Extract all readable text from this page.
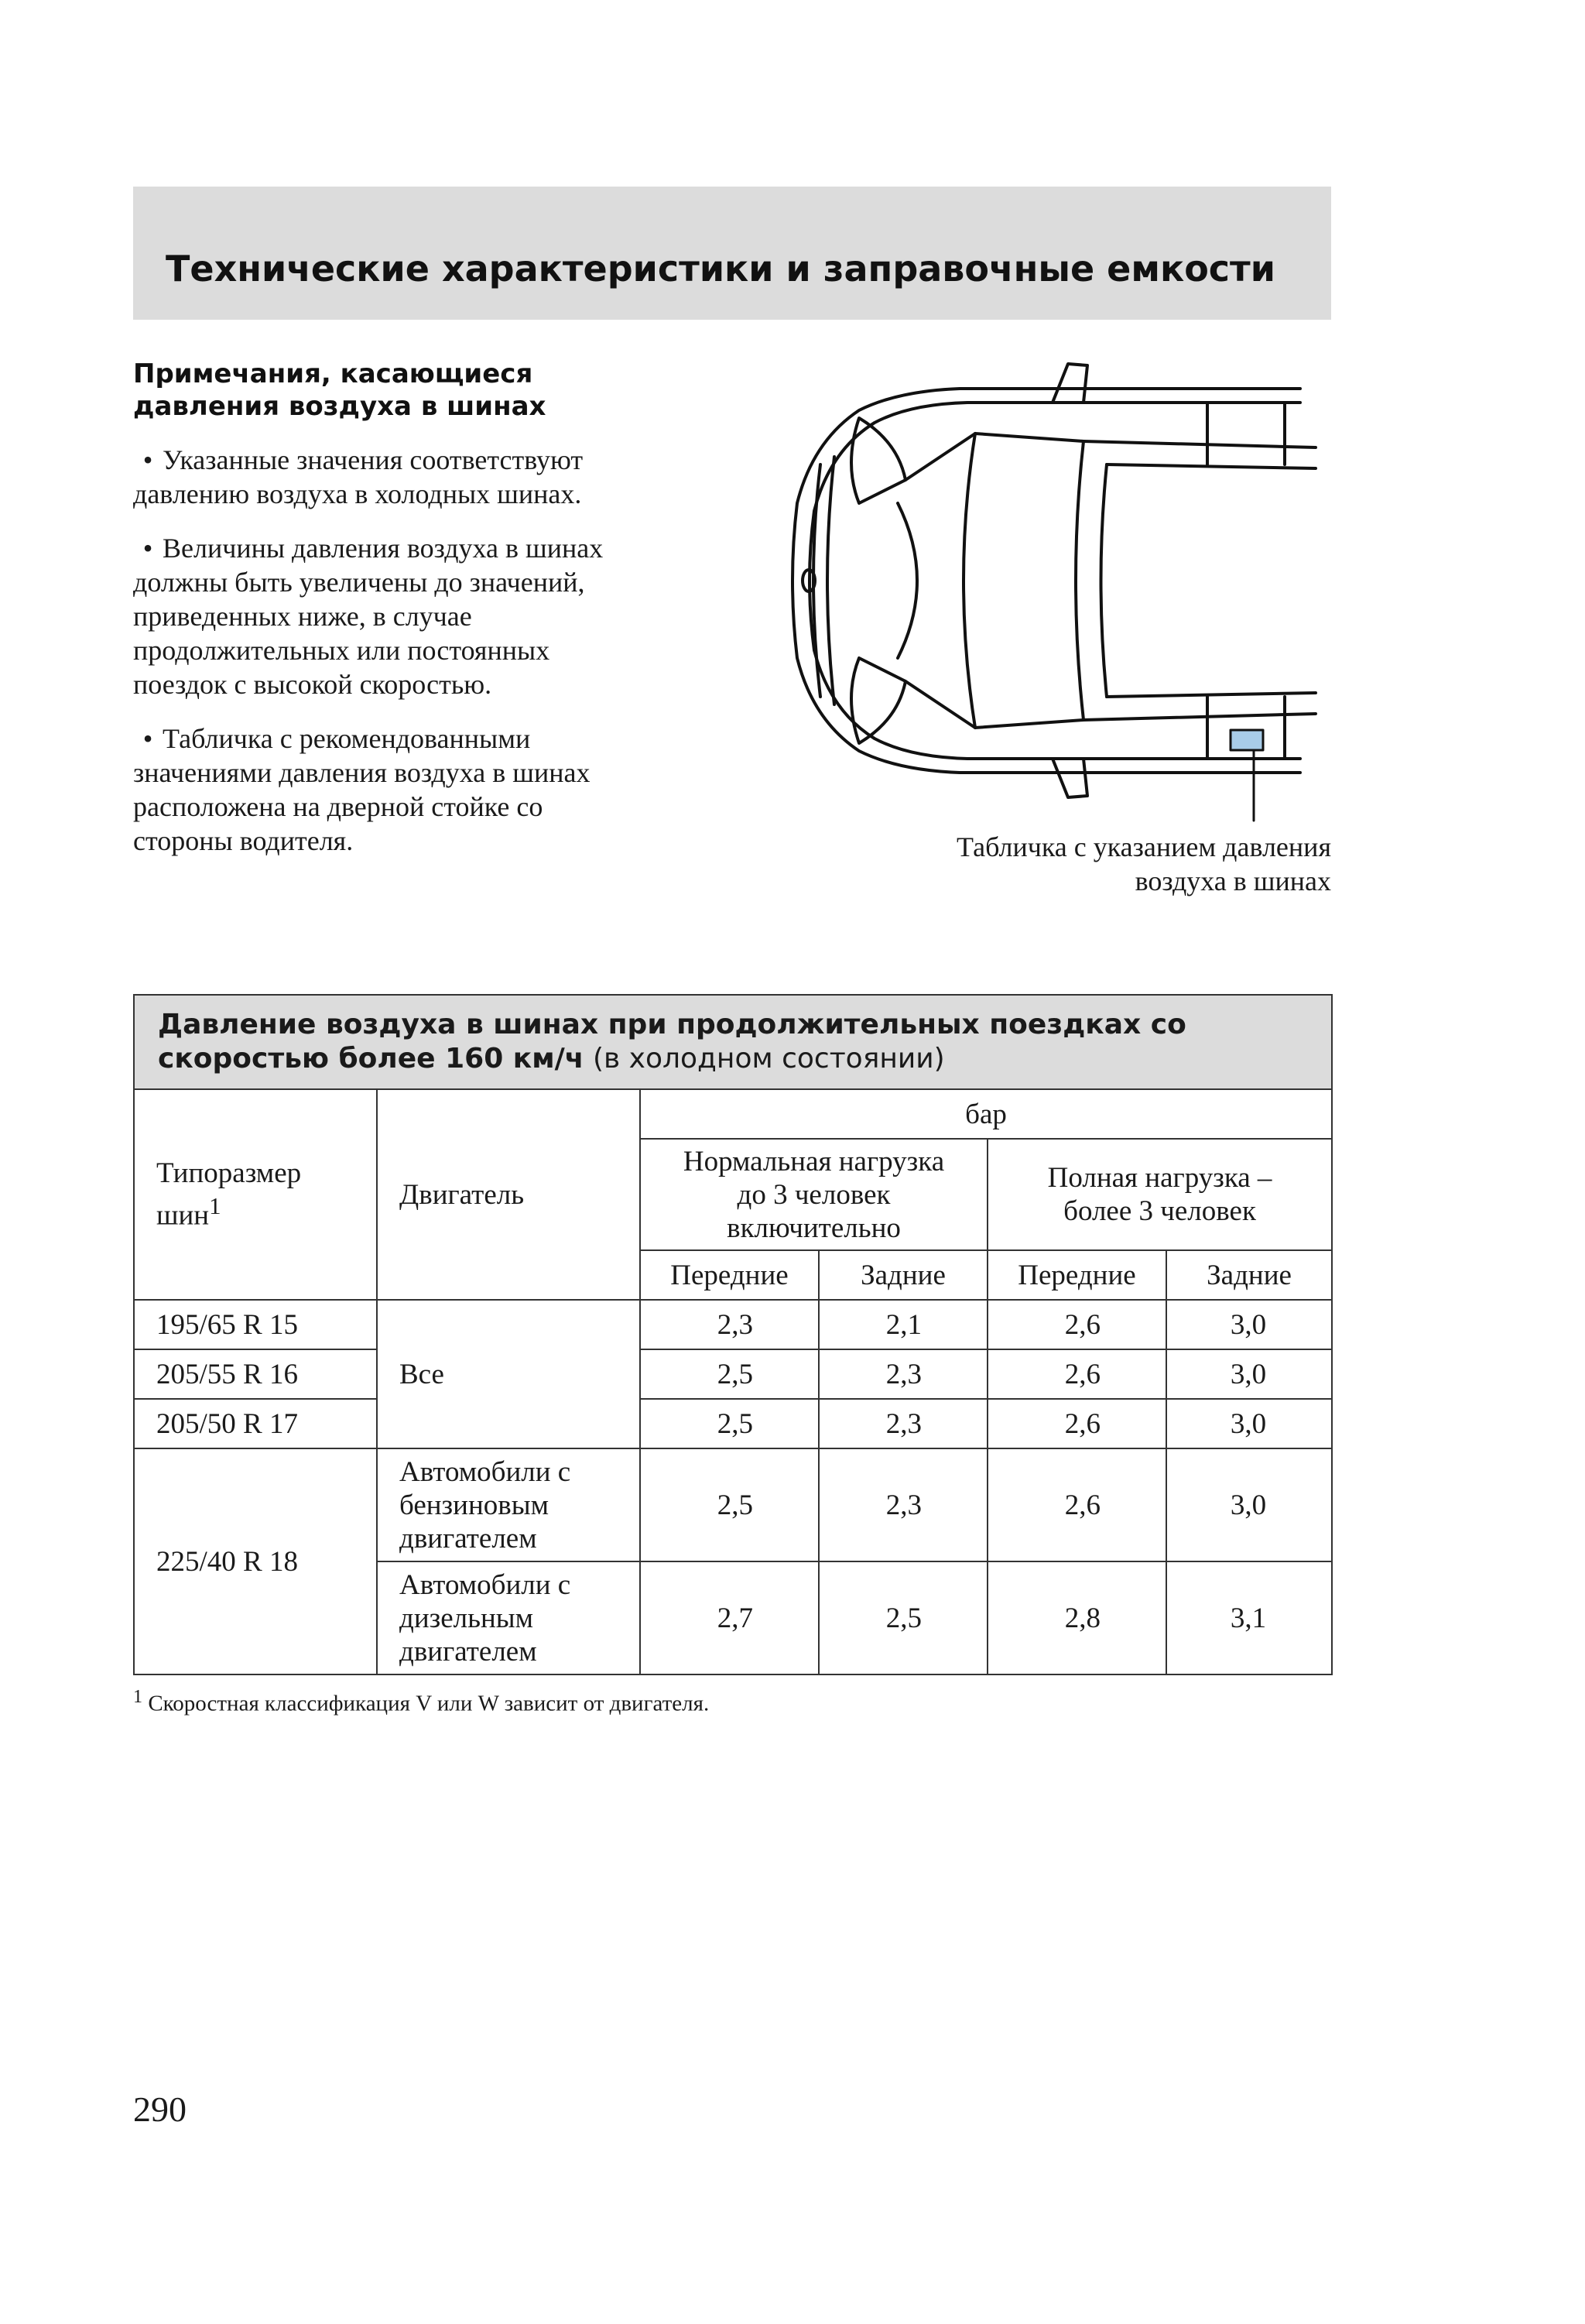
Технические характеристики и заправочные емкости

Примечания, касающиеся
давления воздуха в шинах

• Указанные значения соответствуют
давлению воздуха в холодных шинах.

• Величины давления воздуха в шинах
должны быть увеличены до значений,
приведенных ниже, в случае
продолжительных или постоянных
поездок с высокой скоростью.

• Табличка с рекомендованными
значениями давления воздуха в шинах
расположена на дверной стойке со
стороны водителя.	Табличка с указанием давления
воздуха в шинах
Давление воздуха в шинах при продолжительных поездках со
скоростью более 160 км/ч (в холодном состоянии)					
Типоразмер
шин$^1$	Двигатель	бар			
		Нормальная нагрузка
до 3 человек
включительно		Полная нагрузка –
более 3 человек	
		Передние	Задние	Передние	Задние
195/65 R 15	Все	2,3	2,1	2,6	3,0
205/55 R 16		2,5	2,3	2,6	3,0
205/50 R 17		2,5	2,3	2,6	3,0
225/40 R 18	Автомобили с
бензиновым
двигателем	2,5	2,3	2,6	3,0
	Автомобили с
дизельным
двигателем	2,7	2,5	2,8	3,1
$^1$ Скоростная классификация V или W зависит от двигателя.
290
